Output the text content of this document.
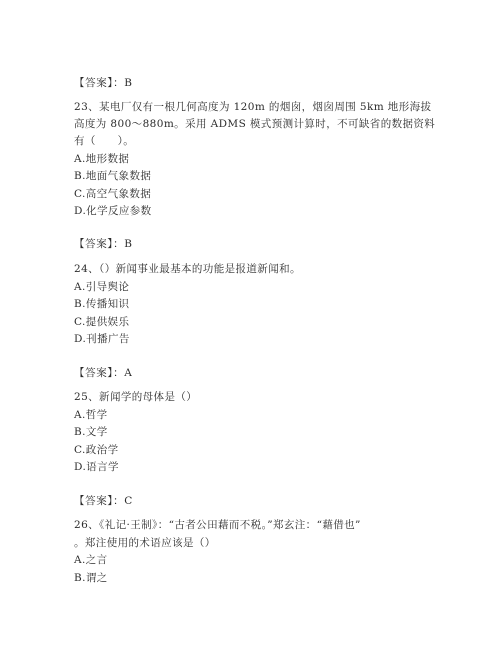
【答案】：B
23、某电厂仅有一根几何高度为 120m 的烟囱，烟囱周围 5km 地形海拔
高度为 800～880m。采用 ADMS 模式预测计算时，不可缺省的数据资料
有（　　）。
A.地形数据
B.地面气象数据
C.高空气象数据
D.化学反应参数
【答案】：B
24、（）新闻事业最基本的功能是报道新闻和。
A.引导舆论
B.传播知识
C.提供娱乐
D.刊播广告
【答案】：A
25、新闻学的母体是（）
A.哲学
B.文学
C.政治学
D.语言学
【答案】：C
26、《礼记·王制》：“古者公田藉而不税。”郑玄注：“藉借也”
。郑注使用的术语应该是（）
A.之言
B.谓之
